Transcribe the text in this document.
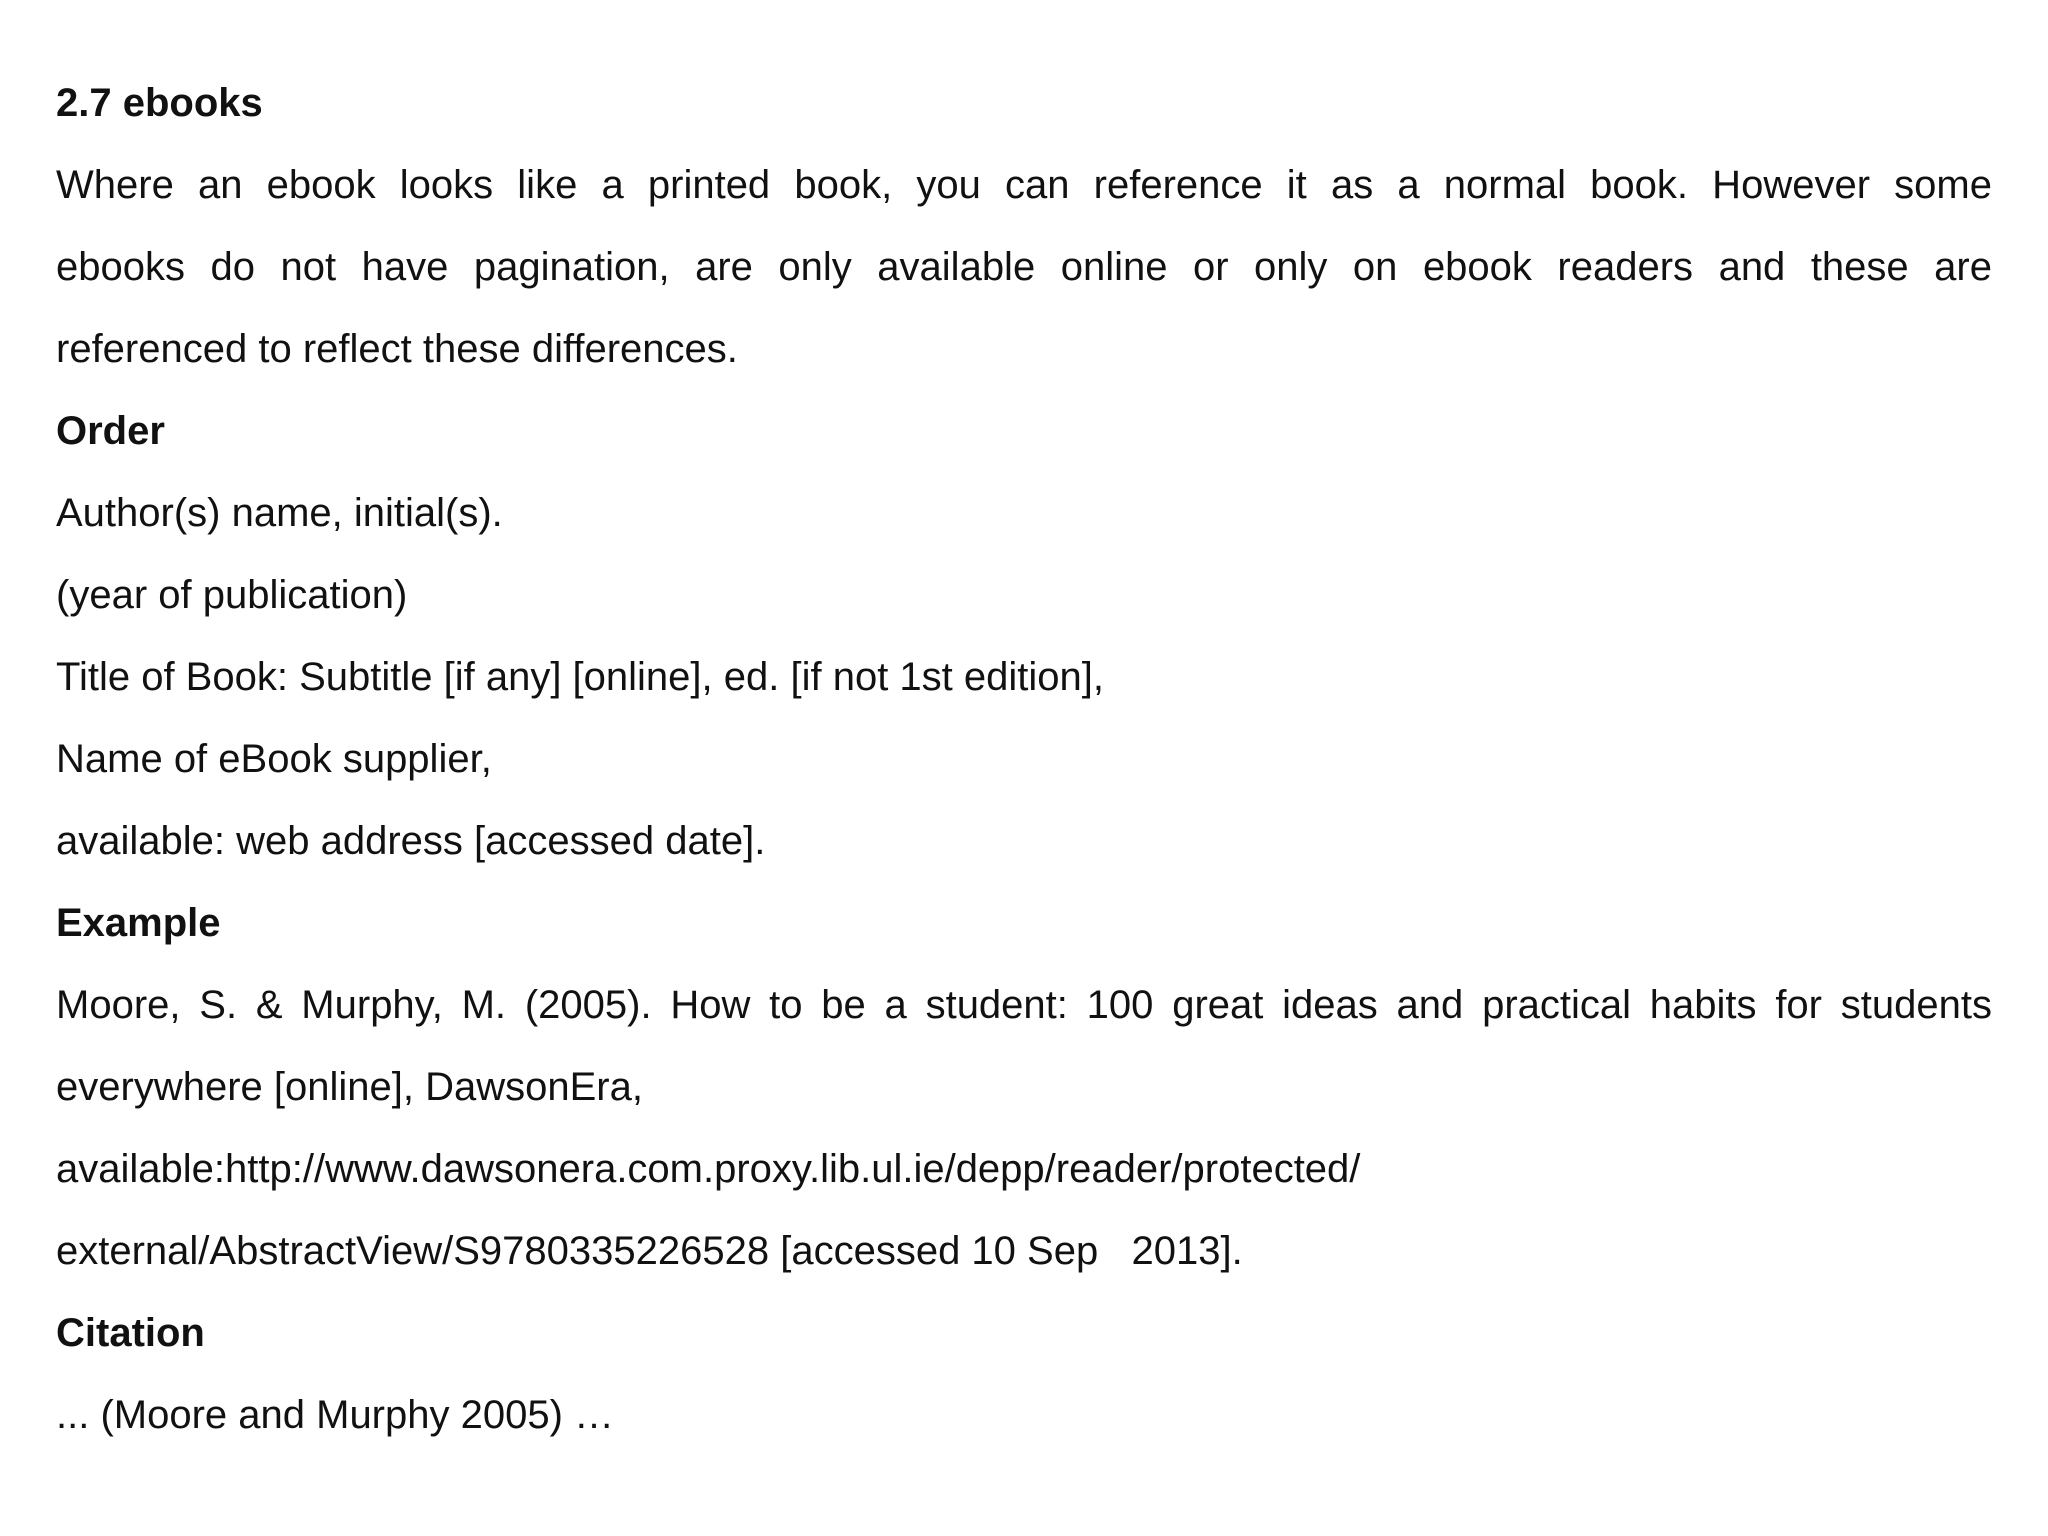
2.7 ebooks
Where an ebook looks like a printed book, you can reference it as a normal book. However some
ebooks do not have pagination, are only available online or only on ebook readers and these are
referenced to reflect these differences.
Order
Author(s) name, initial(s).
(year of publication)
Title of Book: Subtitle [if any] [online], ed. [if not 1st edition],
Name of eBook supplier,
available: web address [accessed date].
Example
Moore, S. & Murphy, M. (2005). How to be a student: 100 great ideas and practical habits for students
everywhere [online], DawsonEra,
available:http://www.dawsonera.com.proxy.lib.ul.ie/depp/reader/protected/
external/AbstractView/S9780335226528 [accessed 10 Sep   2013].
Citation
... (Moore and Murphy 2005) …
